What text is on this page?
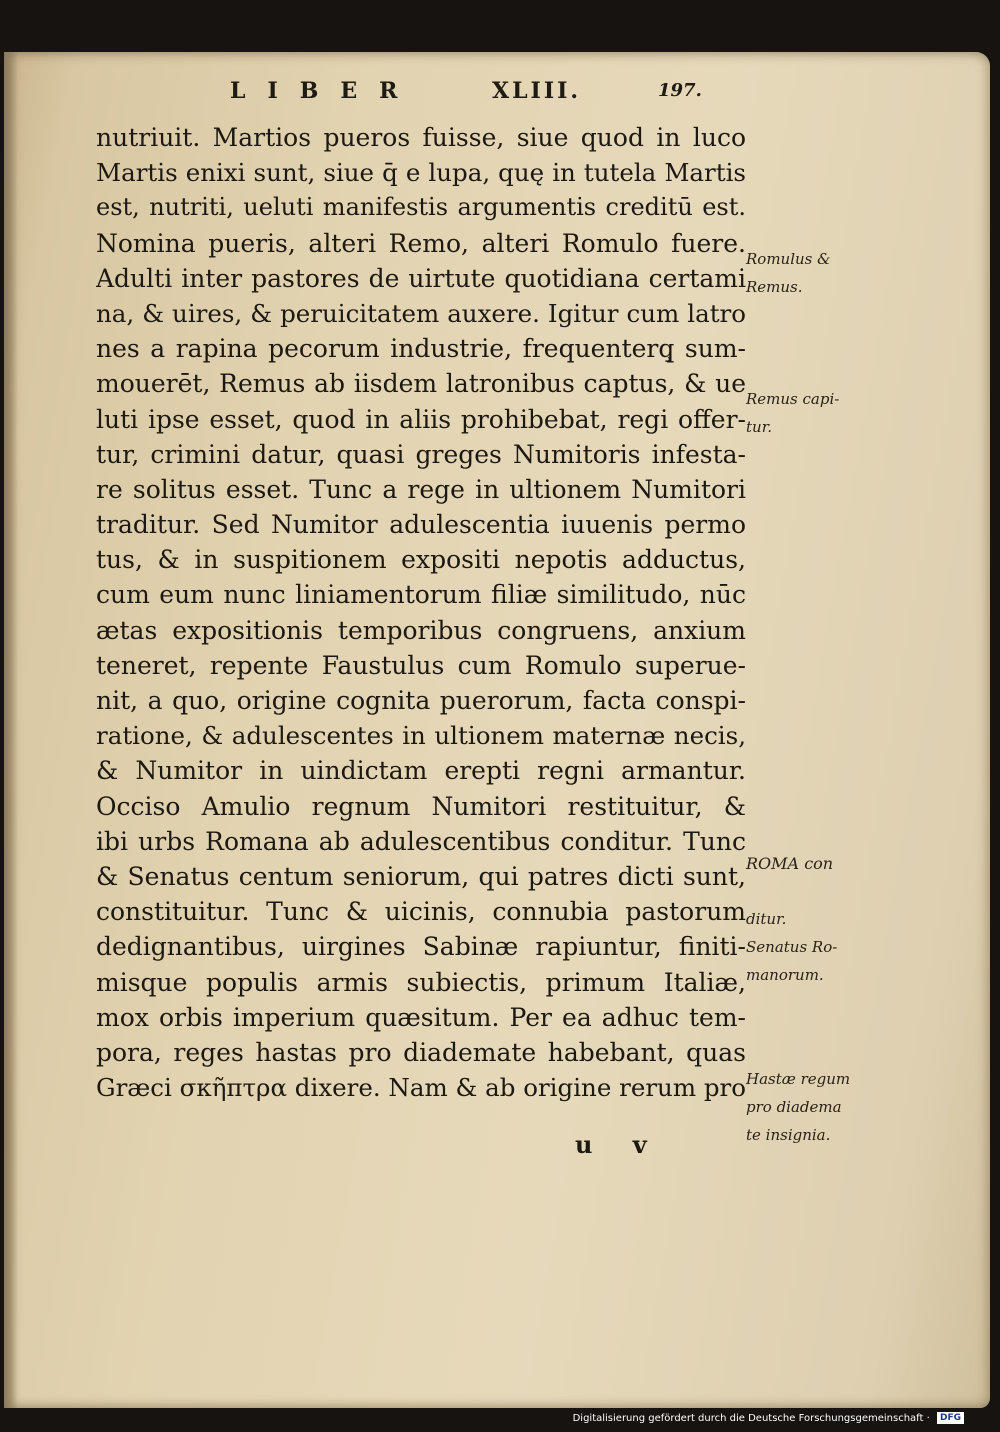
LIBER	XLIII.	197.
nutriuit. Martios pueros fuisse, siue quod in luco
Martis enixi sunt, siue q̄ e lupa, quę in tutela Martis
est, nutriti, ueluti manifestis argumentis creditū est.
Nomina pueris, alteri Remo, alteri Romulo fuere.
Adulti inter pastores de uirtute quotidiana certami
na, & uires, & peruicitatem auxere. Igitur cum latro
nes a rapina pecorum industrie, frequenterq̧ sum-
mouerēt, Remus ab iisdem latronibus captus, & ue
luti ipse esset, quod in aliis prohibebat, regi offer-
tur, crimini datur, quasi greges Numitoris infesta-
re solitus esset. Tunc a rege in ultionem Numitori
traditur. Sed Numitor adulescentia iuuenis permo
tus, & in suspitionem expositi nepotis adductus,
cum eum nunc liniamentorum filiæ similitudo, nūc
ætas expositionis temporibus congruens, anxium
teneret, repente Faustulus cum Romulo superue-
nit, a quo, origine cognita puerorum, facta conspi-
ratione, & adulescentes in ultionem maternæ necis,
& Numitor in uindictam erepti regni armantur.
Occiso Amulio regnum Numitori restituitur, &
ibi urbs Romana ab adulescentibus conditur. Tunc
& Senatus centum seniorum, qui patres dicti sunt,
constituitur. Tunc & uicinis, connubia pastorum
dedignantibus, uirgines Sabinæ rapiuntur, finiti-
misque populis armis subiectis, primum Italiæ,
mox orbis imperium quæsitum. Per ea adhuc tem-
pora, reges hastas pro diademate habebant, quas
Græci σκῆπτρα dixere. Nam & ab origine rerum pro
u v
Romulus &
Remus.
Remus capi-
tur.
ROMA con
ditur.
Senatus Ro-
manorum.
Hastæ regum
pro diadema
te insignia.
Digitalisierung gefördert durch die Deutsche Forschungsgemeinschaft · DFG
